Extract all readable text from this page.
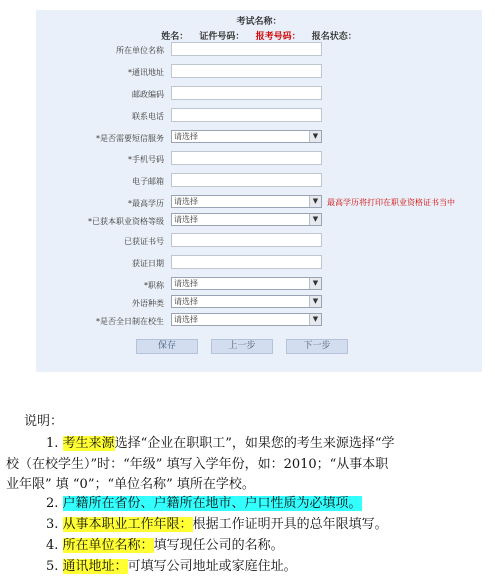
考试名称：
姓名： 证件号码： 报考号码： 报名状态：
所在单位名称
*通讯地址
邮政编码
联系电话
*是否需要短信服务	请选择	▼
*手机号码
电子邮箱
*最高学历	请选择	▼	最高学历将打印在职业资格证书当中
*已获本职业资格等级	请选择	▼
已获证书号
获证日期
*职称	请选择	▼
外语种类	请选择	▼
*是否全日制在校生	请选择	▼
保存	上一步	下一步
说明：
1. 考生来源选择“企业在职职工”，如果您的考生来源选择“学
校（在校学生）”时：“年级” 填写入学年份，如：2010；“从事本职
业年限” 填 “0”；“单位名称” 填所在学校。
2. 户籍所在省份、户籍所在地市、户口性质为必填项。
3. 从事本职业工作年限：根据工作证明开具的总年限填写。
4. 所在单位名称：填写现任公司的名称。
5. 通讯地址：可填写公司地址或家庭住址。
